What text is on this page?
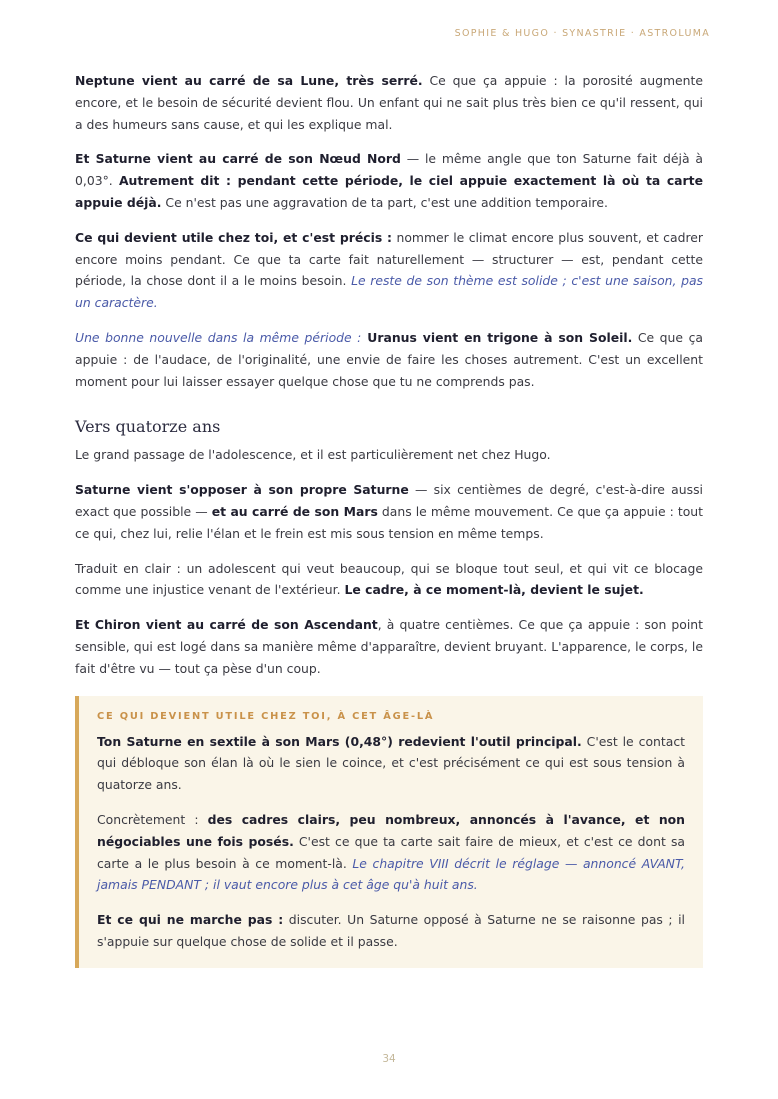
SOPHIE & HUGO · SYNASTRIE · ASTROLUMA

Neptune vient au carré de sa Lune, très serré. Ce que ça appuie : la porosité augmente encore, et le besoin de sécurité devient flou. Un enfant qui ne sait plus très bien ce qu'il ressent, qui a des humeurs sans cause, et qui les explique mal.

Et Saturne vient au carré de son Nœud Nord — le même angle que ton Saturne fait déjà à 0,03°. Autrement dit : pendant cette période, le ciel appuie exactement là où ta carte appuie déjà. Ce n'est pas une aggravation de ta part, c'est une addition temporaire.

Ce qui devient utile chez toi, et c'est précis : nommer le climat encore plus souvent, et cadrer encore moins pendant. Ce que ta carte fait naturellement — structurer — est, pendant cette période, la chose dont il a le moins besoin. Le reste de son thème est solide ; c'est une saison, pas un caractère.

Une bonne nouvelle dans la même période : Uranus vient en trigone à son Soleil. Ce que ça appuie : de l'audace, de l'originalité, une envie de faire les choses autrement. C'est un excellent moment pour lui laisser essayer quelque chose que tu ne comprends pas.

Vers quatorze ans

Le grand passage de l'adolescence, et il est particulièrement net chez Hugo.

Saturne vient s'opposer à son propre Saturne — six centièmes de degré, c'est-à-dire aussi exact que possible — et au carré de son Mars dans le même mouvement. Ce que ça appuie : tout ce qui, chez lui, relie l'élan et le frein est mis sous tension en même temps.

Traduit en clair : un adolescent qui veut beaucoup, qui se bloque tout seul, et qui vit ce blocage comme une injustice venant de l'extérieur. Le cadre, à ce moment-là, devient le sujet.

Et Chiron vient au carré de son Ascendant, à quatre centièmes. Ce que ça appuie : son point sensible, qui est logé dans sa manière même d'apparaître, devient bruyant. L'apparence, le corps, le fait d'être vu — tout ça pèse d'un coup.

CE QUI DEVIENT UTILE CHEZ TOI, À CET ÂGE-LÀ

Ton Saturne en sextile à son Mars (0,48°) redevient l'outil principal. C'est le contact qui débloque son élan là où le sien le coince, et c'est précisément ce qui est sous tension à quatorze ans.

Concrètement : des cadres clairs, peu nombreux, annoncés à l'avance, et non négociables une fois posés. C'est ce que ta carte sait faire de mieux, et c'est ce dont sa carte a le plus besoin à ce moment-là. Le chapitre VIII décrit le réglage — annoncé AVANT, jamais PENDANT ; il vaut encore plus à cet âge qu'à huit ans.

Et ce qui ne marche pas : discuter. Un Saturne opposé à Saturne ne se raisonne pas ; il s'appuie sur quelque chose de solide et il passe.

34
